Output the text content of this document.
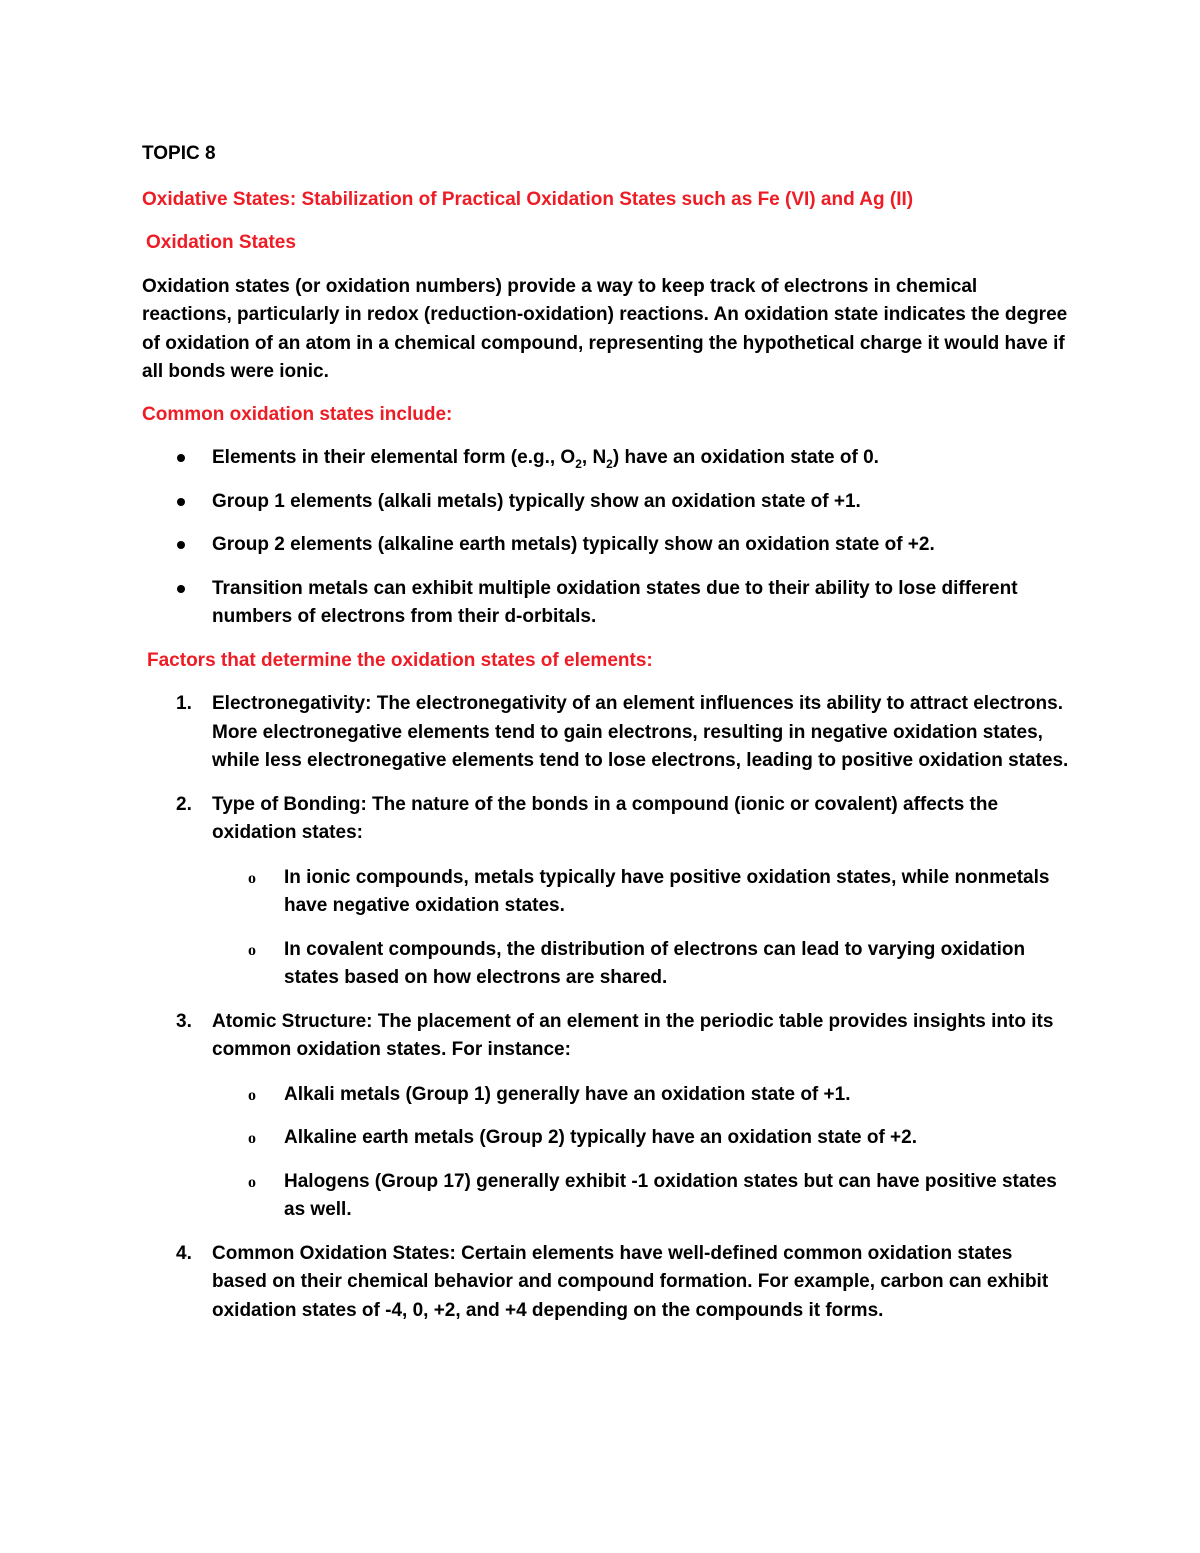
TOPIC 8

Oxidative States: Stabilization of Practical Oxidation States such as Fe (VI) and Ag (II)

Oxidation States

Oxidation states (or oxidation numbers) provide a way to keep track of electrons in chemical reactions, particularly in redox (reduction-oxidation) reactions. An oxidation state indicates the degree of oxidation of an atom in a chemical compound, representing the hypothetical charge it would have if all bonds were ionic.

Common oxidation states include:

Elements in their elemental form (e.g., $O_2$, $N_2$) have an oxidation state of 0.
Group 1 elements (alkali metals) typically show an oxidation state of +1.
Group 2 elements (alkaline earth metals) typically show an oxidation state of +2.
Transition metals can exhibit multiple oxidation states due to their ability to lose different numbers of electrons from their d-orbitals.

Factors that determine the oxidation states of elements:

1. Electronegativity: The electronegativity of an element influences its ability to attract electrons. More electronegative elements tend to gain electrons, resulting in negative oxidation states, while less electronegative elements tend to lose electrons, leading to positive oxidation states.
2. Type of Bonding: The nature of the bonds in a compound (ionic or covalent) affects the oxidation states:
o In ionic compounds, metals typically have positive oxidation states, while nonmetals have negative oxidation states.
o In covalent compounds, the distribution of electrons can lead to varying oxidation states based on how electrons are shared.
3. Atomic Structure: The placement of an element in the periodic table provides insights into its common oxidation states. For instance:
o Alkali metals (Group 1) generally have an oxidation state of +1.
o Alkaline earth metals (Group 2) typically have an oxidation state of +2.
o Halogens (Group 17) generally exhibit -1 oxidation states but can have positive states as well.
4. Common Oxidation States: Certain elements have well-defined common oxidation states based on their chemical behavior and compound formation. For example, carbon can exhibit oxidation states of -4, 0, +2, and +4 depending on the compounds it forms.
